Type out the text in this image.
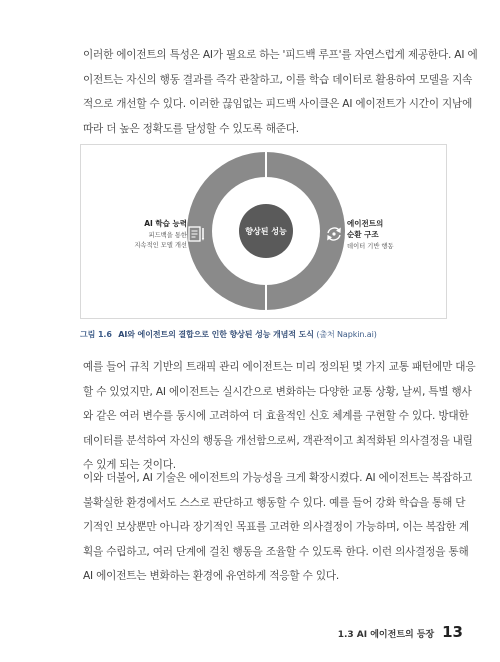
이러한 에이전트의 특성은 AI가 필요로 하는 '피드백 루프'를 자연스럽게 제공한다. AI 에
이전트는 자신의 행동 결과를 즉각 관찰하고, 이를 학습 데이터로 활용하여 모델을 지속
적으로 개선할 수 있다. 이러한 끊임없는 피드백 사이클은 AI 에이전트가 시간이 지남에
따라 더 높은 정확도를 달성할 수 있도록 해준다.

향상된 성능
AI 학습 능력
피드백을 통한
지속적인 모델 개선
에이전트의
순환 구조
데이터 기반 행동
그림 1.6 AI와 에이전트의 결합으로 인한 향상된 성능 개념적 도식 (출처 Napkin.ai)

예를 들어 규칙 기반의 트래픽 관리 에이전트는 미리 정의된 몇 가지 교통 패턴에만 대응
할 수 있었지만, AI 에이전트는 실시간으로 변화하는 다양한 교통 상황, 날씨, 특별 행사
와 같은 여러 변수를 동시에 고려하여 더 효율적인 신호 체계를 구현할 수 있다. 방대한
데이터를 분석하여 자신의 행동을 개선함으로써, 객관적이고 최적화된 의사결정을 내릴
수 있게 되는 것이다.

이와 더불어, AI 기술은 에이전트의 가능성을 크게 확장시켰다. AI 에이전트는 복잡하고
불확실한 환경에서도 스스로 판단하고 행동할 수 있다. 예를 들어 강화 학습을 통해 단
기적인 보상뿐만 아니라 장기적인 목표를 고려한 의사결정이 가능하며, 이는 복잡한 계
획을 수립하고, 여러 단계에 걸친 행동을 조율할 수 있도록 한다. 이런 의사결정을 통해
AI 에이전트는 변화하는 환경에 유연하게 적응할 수 있다.

1.3 AI 에이전트의 등장 13
